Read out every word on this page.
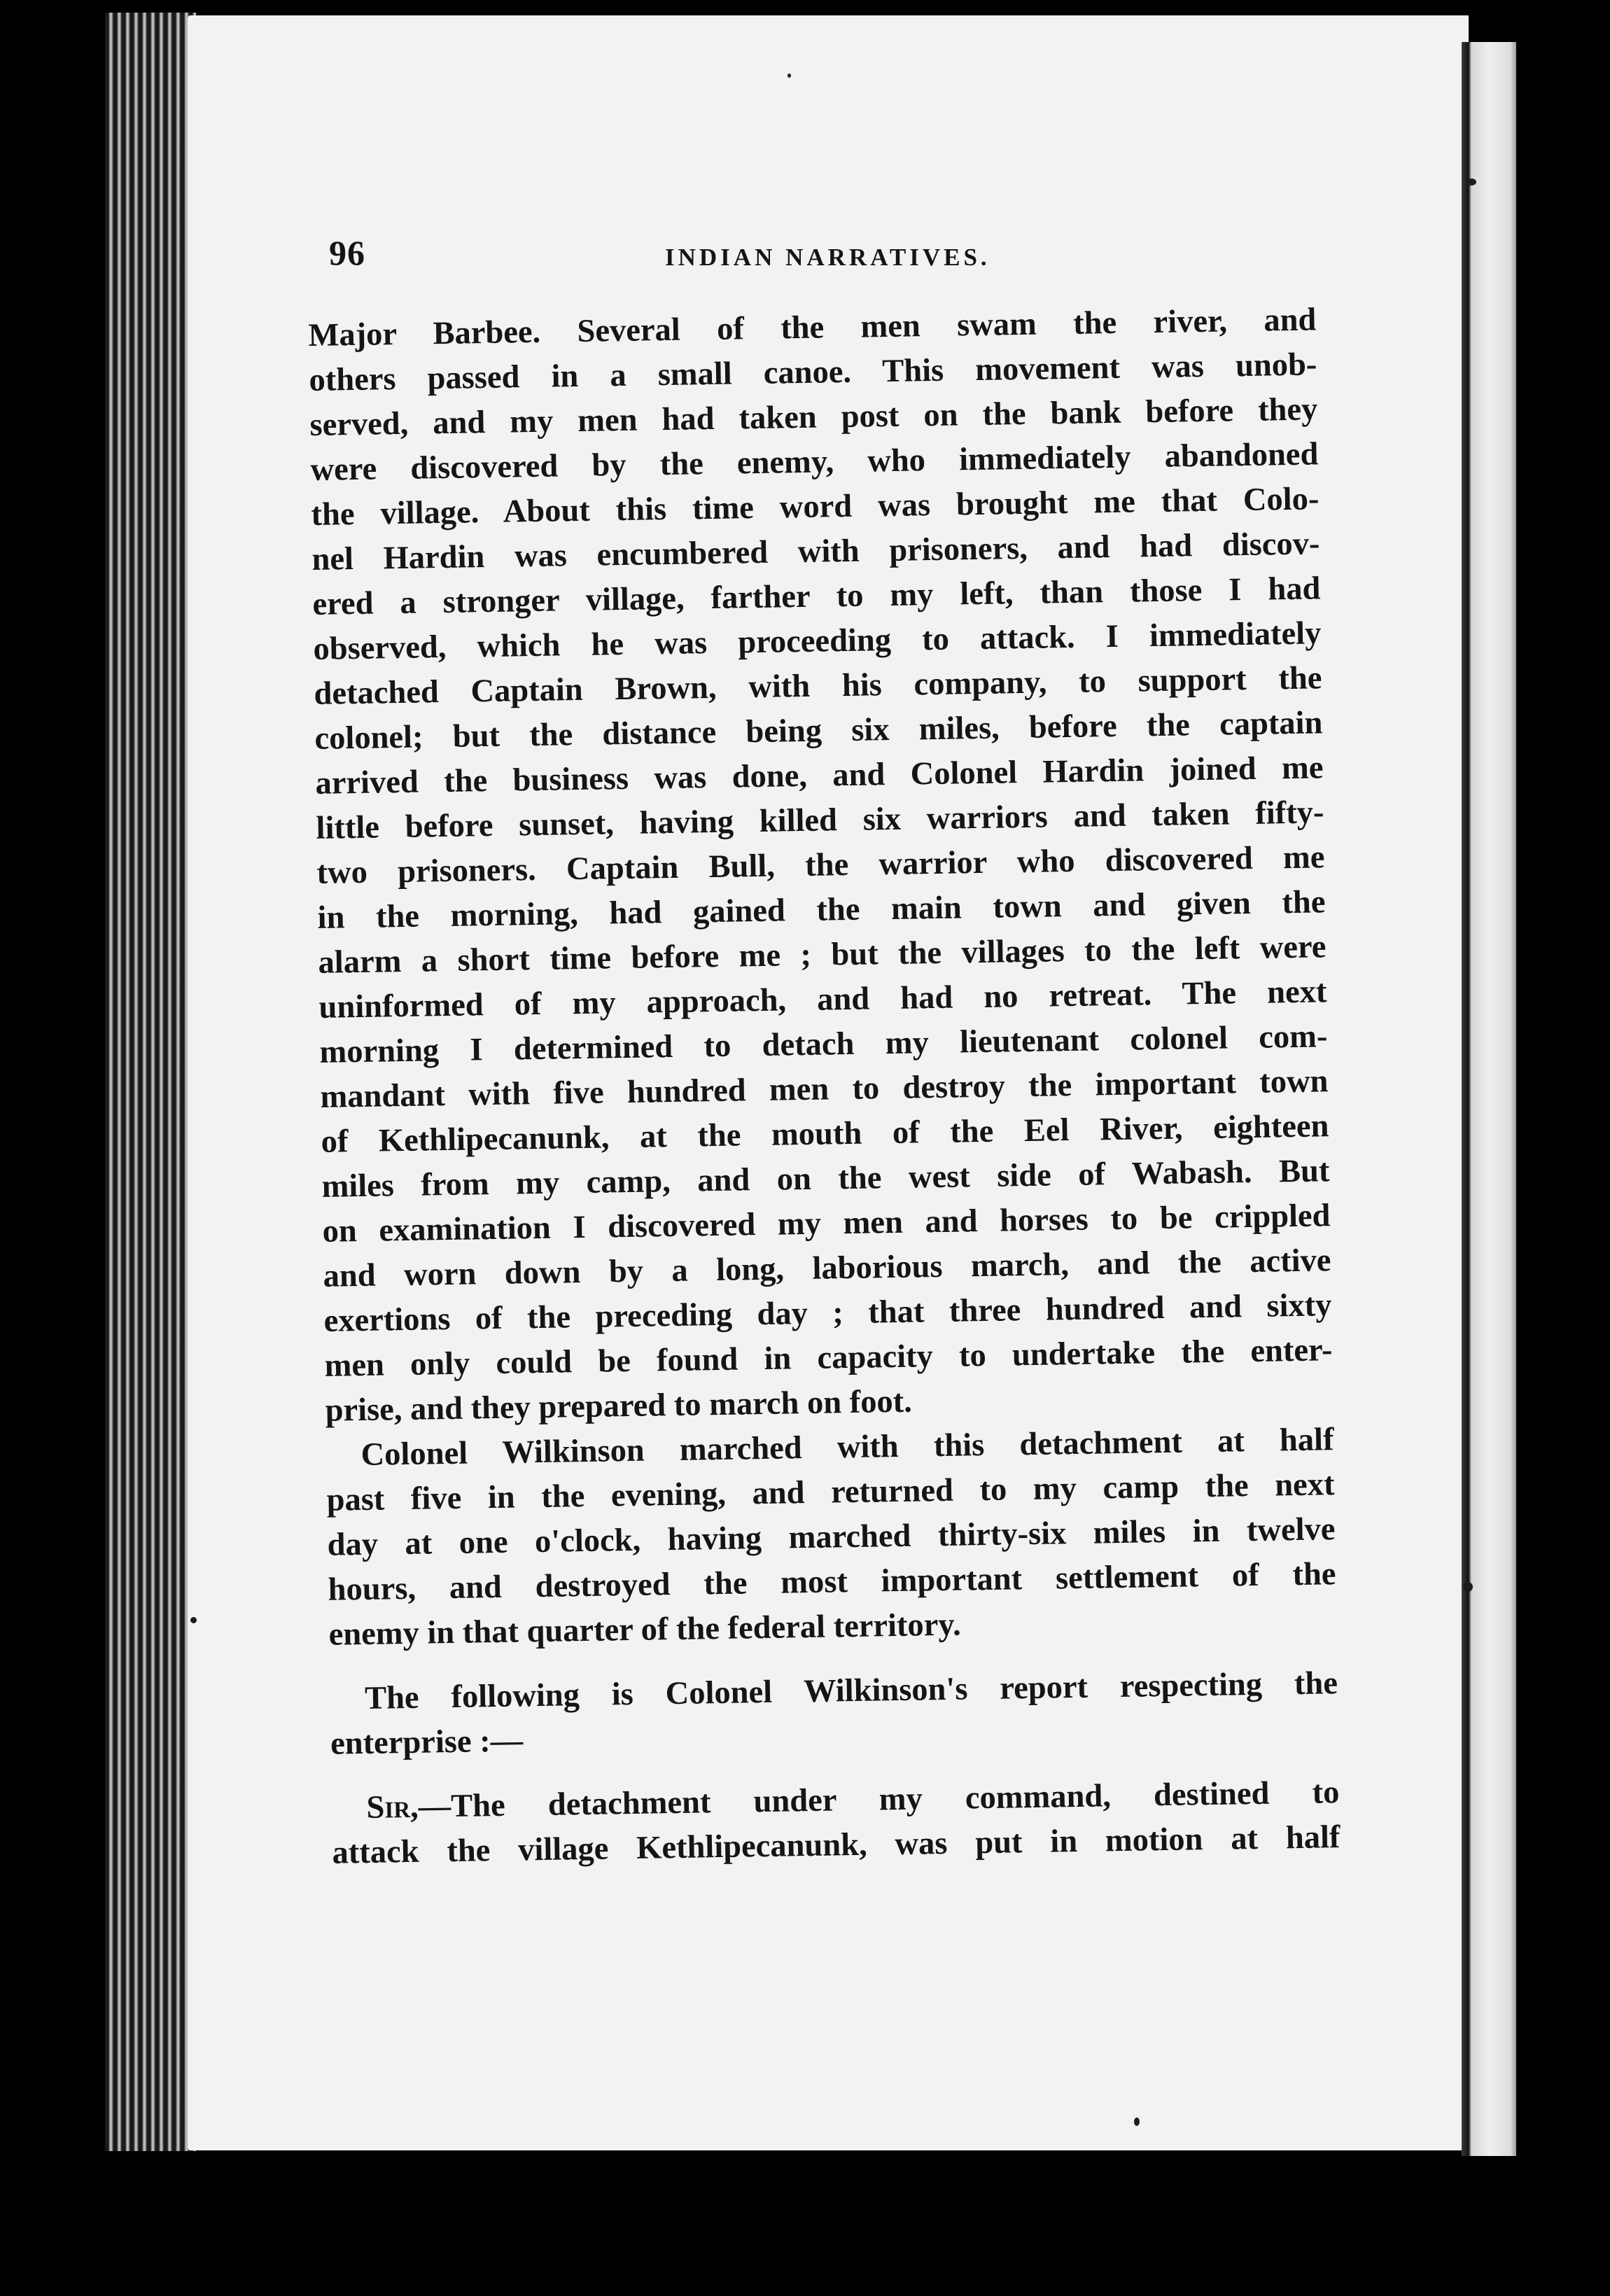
96	INDIAN NARRATIVES.
Major Barbee. Several of the men swam the river, and
others passed in a small canoe. This movement was unob-
served, and my men had taken post on the bank before they
were discovered by the enemy, who immediately abandoned
the village. About this time word was brought me that Colo-
nel Hardin was encumbered with prisoners, and had discov-
ered a stronger village, farther to my left, than those I had
observed, which he was proceeding to attack. I immediately
detached Captain Brown, with his company, to support the
colonel; but the distance being six miles, before the captain
arrived the business was done, and Colonel Hardin joined me
little before sunset, having killed six warriors and taken fifty-
two prisoners. Captain Bull, the warrior who discovered me
in the morning, had gained the main town and given the
alarm a short time before me ; but the villages to the left were
uninformed of my approach, and had no retreat. The next
morning I determined to detach my lieutenant colonel com-
mandant with five hundred men to destroy the important town
of Kethlipecanunk, at the mouth of the Eel River, eighteen
miles from my camp, and on the west side of Wabash. But
on examination I discovered my men and horses to be crippled
and worn down by a long, laborious march, and the active
exertions of the preceding day ; that three hundred and sixty
men only could be found in capacity to undertake the enter-
prise, and they prepared to march on foot.
Colonel Wilkinson marched with this detachment at half
past five in the evening, and returned to my camp the next
day at one o'clock, having marched thirty-six miles in twelve
hours, and destroyed the most important settlement of the
enemy in that quarter of the federal territory.
The following is Colonel Wilkinson's report respecting the
enterprise :—
Sir,—The detachment under my command, destined to
attack the village Kethlipecanunk, was put in motion at half
